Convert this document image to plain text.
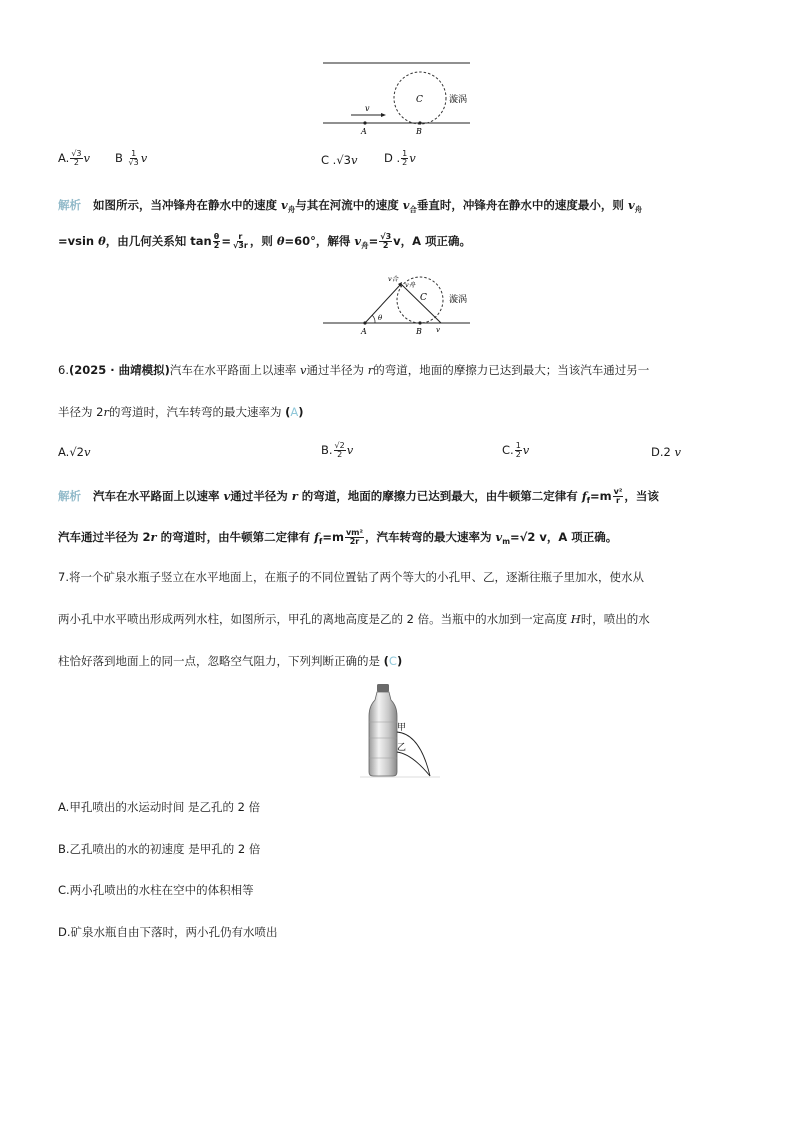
v
C	漩涡
A	B
A. $\frac{√3}{2}$ v B $\frac{1}{√3}$ v	C .√3v D . $\frac{1}{2}$ v
解析 如图所示，当冲锋舟在静水中的速度 $v_舟$与其在河流中的速度 $v_合$垂直时，冲锋舟在静水中的速度最小，则 $v_舟$
=vsin θ，由几何关系知 $\tan \frac{\theta}{2} = \frac{r}{√3r}$ ，则 θ=60°，解得 $v_舟= \frac{√3}{2}$ v，A 项正确。
v合
v舟
C 漩涡
θ
A	B v
6.(2025 · 曲靖模拟)汽车在水平路面上以速率 v通过半径为 r的弯道，地面的摩擦力已达到最大；当该汽车通过另一
半径为 2r的弯道时，汽车转弯的最大速率为 (A)
A.√2v	B. $\frac{√2}{2}$ v	C. $\frac{1}{2}$ v	D.2 v
解析 汽车在水平路面上以速率 v通过半径为 r 的弯道，地面的摩擦力已达到最大，由牛顿第二定律有 $f_f=m \frac{\text{v²}}{r}$ ，当该
汽车通过半径为 2r 的弯道时，由牛顿第二定律有 $f_f=m \frac{\text{vm²}}{2r}$ ，汽车转弯的最大速率为 $v_m=√2$ v，A 项正确。
7.将一个矿泉水瓶子竖立在水平地面上，在瓶子的不同位置钻了两个等大的小孔甲、乙，逐渐往瓶子里加水，使水从
两小孔中水平喷出形成两列水柱，如图所示，甲孔的离地高度是乙的 2 倍。当瓶中的水加到一定高度 H时，喷出的水
柱恰好落到地面上的同一点，忽略空气阻力，下列判断正确的是 (C)
甲
乙
A.甲孔喷出的水运动时间 是乙孔的 2 倍
B.乙孔喷出的水的初速度 是甲孔的 2 倍
C.两小孔喷出的水柱在空中的体积相等
D.矿泉水瓶自由下落时，两小孔仍有水喷出
